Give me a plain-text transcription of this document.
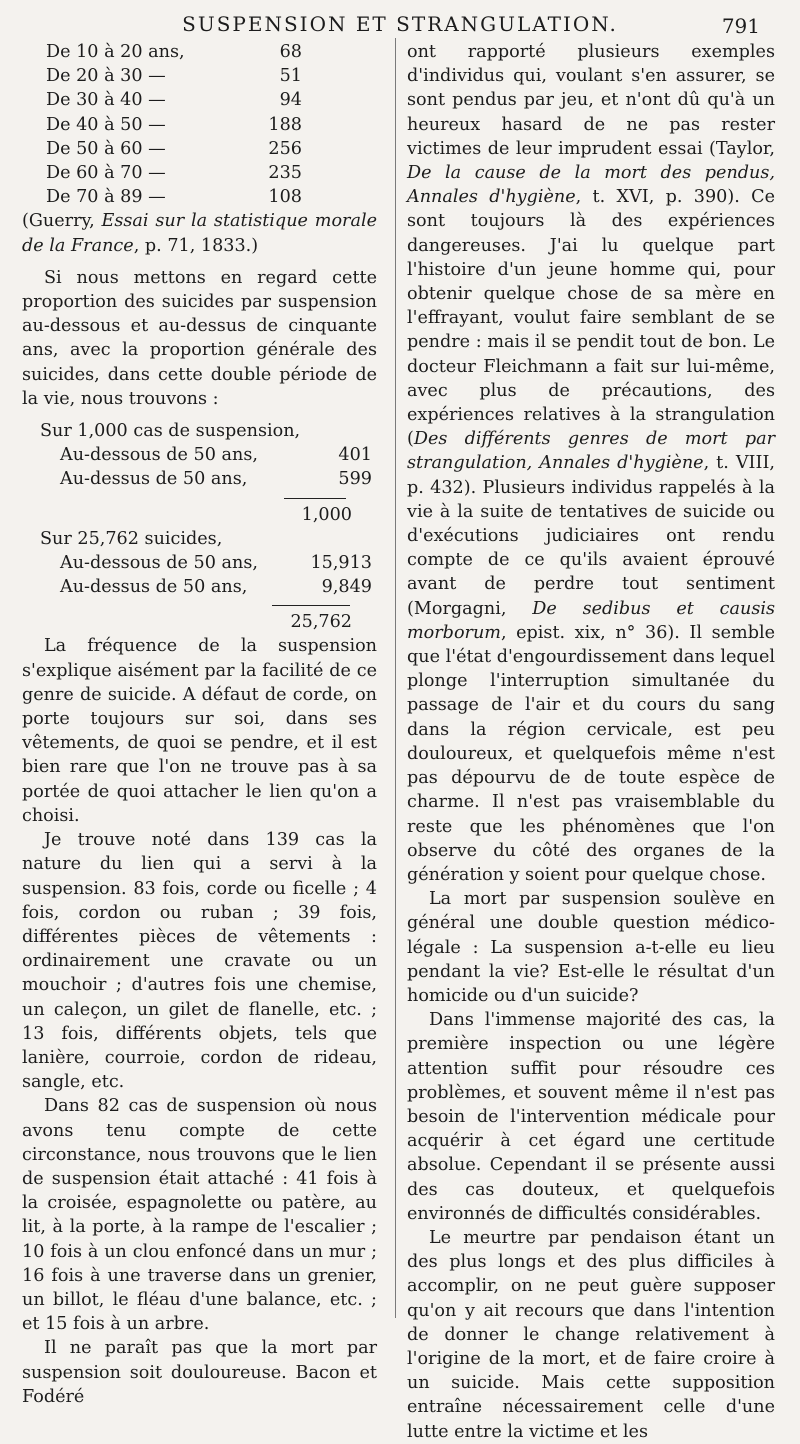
SUSPENSION ET STRANGULATION.	791
De 10 à 20 ans,	68
De 20 à 30 —	51
De 30 à 40 —	94
De 40 à 50 —	188
De 50 à 60 —	256
De 60 à 70 —	235
De 70 à 89 —	108

(Guerry, Essai sur la statistique morale de la France, p. 71, 1833.)

Si nous mettons en regard cette proportion des suicides par suspension au-dessous et au-dessus de cinquante ans, avec la proportion générale des suicides, dans cette double période de la vie, nous trouvons :

Sur 1,000 cas de suspension,
Au-dessous de 50 ans,	401
Au-dessus de 50 ans,	599
1,000
Sur 25,762 suicides,
Au-dessous de 50 ans,	15,913
Au-dessus de 50 ans,	9,849
25,762

La fréquence de la suspension s'explique aisément par la facilité de ce genre de suicide. A défaut de corde, on porte toujours sur soi, dans ses vêtements, de quoi se pendre, et il est bien rare que l'on ne trouve pas à sa portée de quoi attacher le lien qu'on a choisi.

Je trouve noté dans 139 cas la nature du lien qui a servi à la suspension. 83 fois, corde ou ficelle ; 4 fois, cordon ou ruban ; 39 fois, différentes pièces de vêtements : ordinairement une cravate ou un mouchoir ; d'autres fois une chemise, un caleçon, un gilet de flanelle, etc. ; 13 fois, différents objets, tels que lanière, courroie, cordon de rideau, sangle, etc.

Dans 82 cas de suspension où nous avons tenu compte de cette circonstance, nous trouvons que le lien de suspension était attaché : 41 fois à la croisée, espagnolette ou patère, au lit, à la porte, à la rampe de l'escalier ; 10 fois à un clou enfoncé dans un mur ; 16 fois à une traverse dans un grenier, un billot, le fléau d'une balance, etc. ; et 15 fois à un arbre.

Il ne paraît pas que la mort par suspension soit douloureuse. Bacon et Fodéré

ont rapporté plusieurs exemples d'individus qui, voulant s'en assurer, se sont pendus par jeu, et n'ont dû qu'à un heureux hasard de ne pas rester victimes de leur imprudent essai (Taylor, De la cause de la mort des pendus, Annales d'hygiène, t. XVI, p. 390). Ce sont toujours là des expériences dangereuses. J'ai lu quelque part l'histoire d'un jeune homme qui, pour obtenir quelque chose de sa mère en l'effrayant, voulut faire semblant de se pendre : mais il se pendit tout de bon. Le docteur Fleichmann a fait sur lui-même, avec plus de précautions, des expériences relatives à la strangulation (Des différents genres de mort par strangulation, Annales d'hygiène, t. VIII, p. 432). Plusieurs individus rappelés à la vie à la suite de tentatives de suicide ou d'exécutions judiciaires ont rendu compte de ce qu'ils avaient éprouvé avant de perdre tout sentiment (Morgagni, De sedibus et causis morborum, epist. xix, n° 36). Il semble que l'état d'engourdissement dans lequel plonge l'interruption simultanée du passage de l'air et du cours du sang dans la région cervicale, est peu douloureux, et quelquefois même n'est pas dépourvu de de toute espèce de charme. Il n'est pas vraisemblable du reste que les phénomènes que l'on observe du côté des organes de la génération y soient pour quelque chose.

La mort par suspension soulève en général une double question médico-légale : La suspension a-t-elle eu lieu pendant la vie? Est-elle le résultat d'un homicide ou d'un suicide?

Dans l'immense majorité des cas, la première inspection ou une légère attention suffit pour résoudre ces problèmes, et souvent même il n'est pas besoin de l'intervention médicale pour acquérir à cet égard une certitude absolue. Cependant il se présente aussi des cas douteux, et quelquefois environnés de difficultés considérables.

Le meurtre par pendaison étant un des plus longs et des plus difficiles à accomplir, on ne peut guère supposer qu'on y ait recours que dans l'intention de donner le change relativement à l'origine de la mort, et de faire croire à un suicide. Mais cette supposition entraîne nécessairement celle d'une lutte entre la victime et les
